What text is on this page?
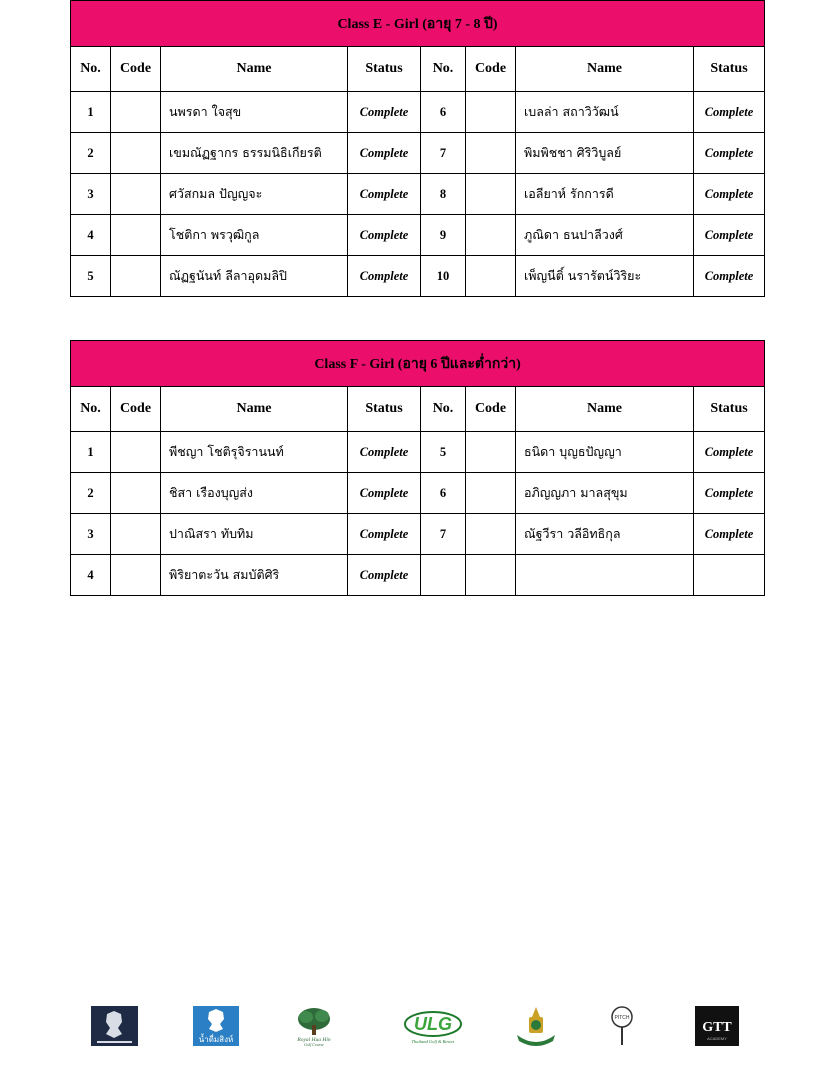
Class E - Girl (อายุ 7 - 8 ปี)							
No.	Code	Name	Status	No.	Code	Name	Status
1		นพรดา ใจสุข	Complete	6		เบลล่า สถาวิวัฒน์	Complete
2		เขมณัฏฐากร ธรรมนิธิเกียรติ	Complete	7		พิมพิชชา ศิริวิบูลย์	Complete
3		ศวัสกมล ปัญญจะ	Complete	8		เอลียาห์ รักการดี	Complete
4		โชติกา พรวุฒิกูล	Complete	9		ภูณิดา ธนปาลีวงศ์	Complete
5		ณัฏฐนันท์ ลีลาอุดมลิปิ	Complete	10		เพ็ญนีติ์ นรารัตน์วิริยะ	Complete
Class F - Girl (อายุ 6 ปีและต่ำกว่า)							
No.	Code	Name	Status	No.	Code	Name	Status
1		พีชญา โชติรุจิรานนท์	Complete	5		ธนิดา บุญธปัญญา	Complete
2		ชิสา เรืองบุญส่ง	Complete	6		อภิญญภา มาลสุขุม	Complete
3		ปาณิสรา ทับทิม	Complete	7		ณัฐวีรา วลีอิทธิกุล	Complete
4		พิริยาตะวัน สมบัติศิริ	Complete				
น้ำดื่มสิงห์	Royal Hua Hin
Golf Course
ULG
Thailand Golf & Resort
PITCH
GTT
ACADEMY
